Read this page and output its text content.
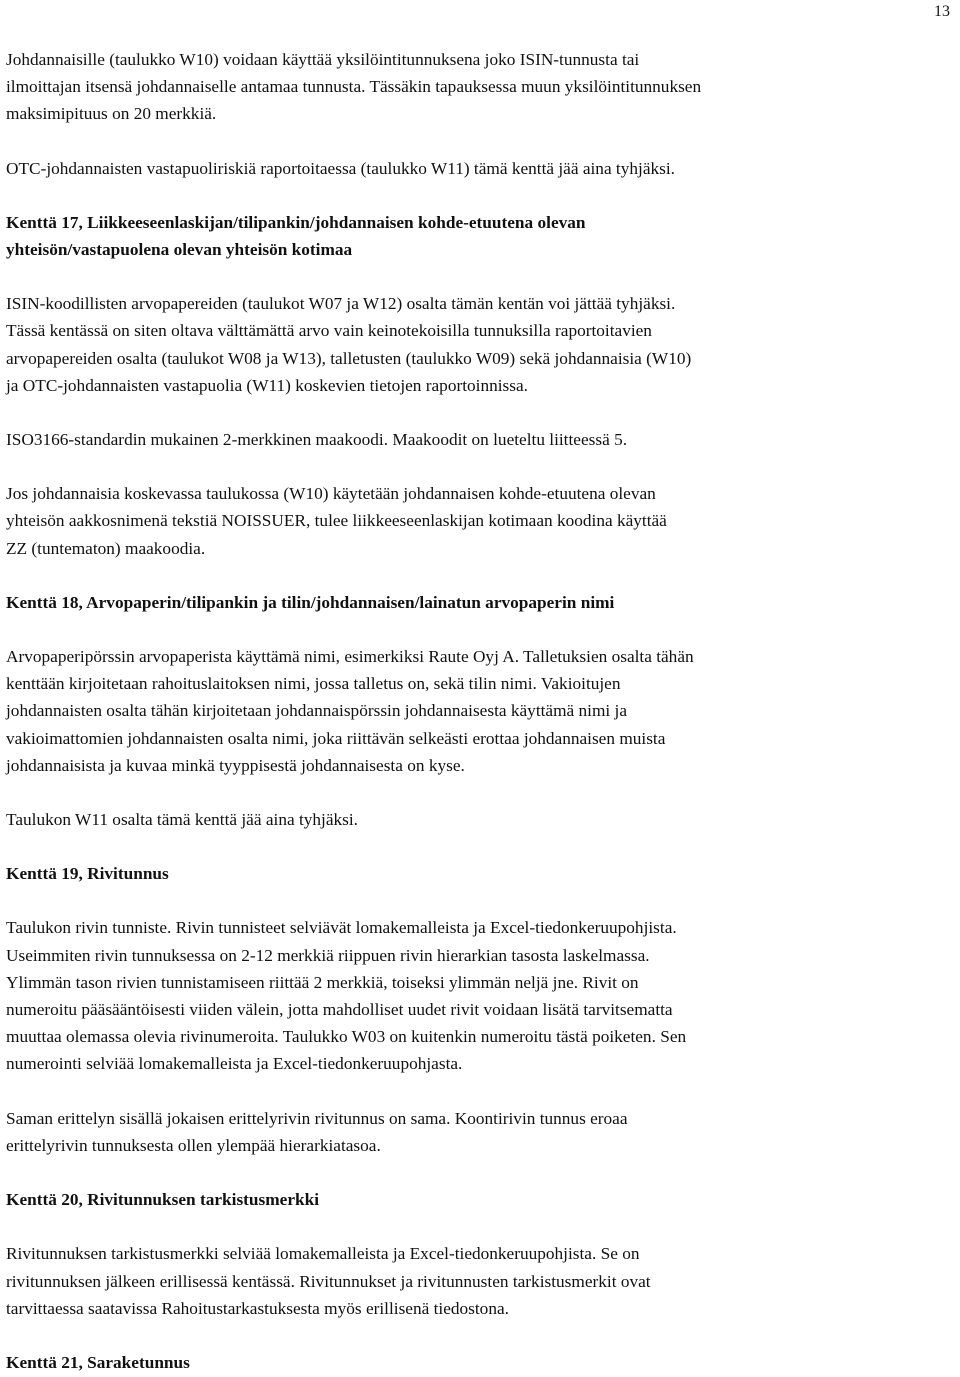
13

Johdannaisille (taulukko W10) voidaan käyttää yksilöintitunnuksena joko ISIN-tunnusta tai
ilmoittajan itsensä johdannaiselle antamaa tunnusta. Tässäkin tapauksessa muun yksilöintitunnuksen
maksimipituus on 20 merkkiä.

OTC-johdannaisten vastapuoliriskiä raportoitaessa (taulukko W11) tämä kenttä jää aina tyhjäksi.

Kenttä 17, Liikkeeseenlaskijan/tilipankin/johdannaisen kohde-etuutena olevan
yhteisön/vastapuolena olevan yhteisön kotimaa

ISIN-koodillisten arvopapereiden (taulukot W07 ja W12) osalta tämän kentän voi jättää tyhjäksi.
Tässä kentässä on siten oltava välttämättä arvo vain keinotekoisilla tunnuksilla raportoitavien
arvopapereiden osalta (taulukot W08 ja W13), talletusten (taulukko W09) sekä johdannaisia (W10)
ja OTC-johdannaisten vastapuolia (W11) koskevien tietojen raportoinnissa.

ISO3166-standardin mukainen 2-merkkinen maakoodi. Maakoodit on lueteltu liitteessä 5.

Jos johdannaisia koskevassa taulukossa (W10) käytetään johdannaisen kohde-etuutena olevan
yhteisön aakkosnimenä tekstiä NOISSUER, tulee liikkeeseenlaskijan kotimaan koodina käyttää
ZZ (tuntematon) maakoodia.

Kenttä 18, Arvopaperin/tilipankin ja tilin/johdannaisen/lainatun arvopaperin nimi

Arvopaperipörssin arvopaperista käyttämä nimi, esimerkiksi Raute Oyj A. Talletuksien osalta tähän
kenttään kirjoitetaan rahoituslaitoksen nimi, jossa talletus on, sekä tilin nimi. Vakioitujen
johdannaisten osalta tähän kirjoitetaan johdannaispörssin johdannaisesta käyttämä nimi ja
vakioimattomien johdannaisten osalta nimi, joka riittävän selkeästi erottaa johdannaisen muista
johdannaisista ja kuvaa minkä tyyppisestä johdannaisesta on kyse.

Taulukon W11 osalta tämä kenttä jää aina tyhjäksi.

Kenttä 19, Rivitunnus

Taulukon rivin tunniste. Rivin tunnisteet selviävät lomakemalleista ja Excel-tiedonkeruupohjista.
Useimmiten rivin tunnuksessa on 2-12 merkkiä riippuen rivin hierarkian tasosta laskelmassa.
Ylimmän tason rivien tunnistamiseen riittää 2 merkkiä, toiseksi ylimmän neljä jne. Rivit on
numeroitu pääsääntöisesti viiden välein, jotta mahdolliset uudet rivit voidaan lisätä tarvitsematta
muuttaa olemassa olevia rivinumeroita. Taulukko W03 on kuitenkin numeroitu tästä poiketen. Sen
numerointi selviää lomakemalleista ja Excel-tiedonkeruupohjasta.

Saman erittelyn sisällä jokaisen erittelyrivin rivitunnus on sama. Koontirivin tunnus eroaa
erittelyrivin tunnuksesta ollen ylempää hierarkiatasoa.

Kenttä 20, Rivitunnuksen tarkistusmerkki

Rivitunnuksen tarkistusmerkki selviää lomakemalleista ja Excel-tiedonkeruupohjista. Se on
rivitunnuksen jälkeen erillisessä kentässä. Rivitunnukset ja rivitunnusten tarkistusmerkit ovat
tarvittaessa saatavissa Rahoitustarkastuksesta myös erillisenä tiedostona.

Kenttä 21, Saraketunnus
